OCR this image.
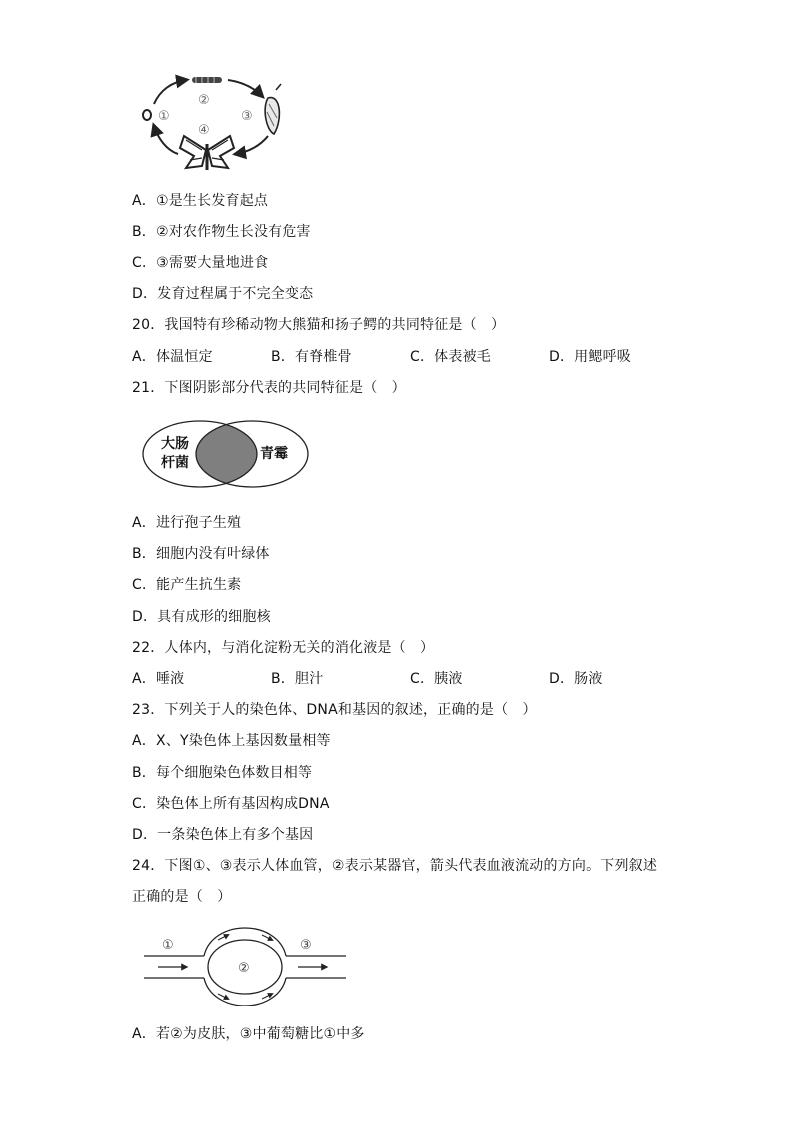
①
②
③
④
A．①是生长发育起点
B．②对农作物生长没有危害
C．③需要大量地进食
D．发育过程属于不完全变态
20．我国特有珍稀动物大熊猫和扬子鳄的共同特征是（　）
A．体温恒定	B．有脊椎骨	C．体表被毛	D．用鳃呼吸
21．下图阴影部分代表的共同特征是（　）
大肠
杆菌
青霉
A．进行孢子生殖
B．细胞内没有叶绿体
C．能产生抗生素
D．具有成形的细胞核
22．人体内，与消化淀粉无关的消化液是（　）
A．唾液	B．胆汁	C．胰液	D．肠液
23．下列关于人的染色体、DNA和基因的叙述，正确的是（　）
A．X、Y染色体上基因数量相等
B．每个细胞染色体数目相等
C．染色体上所有基因构成DNA
D．一条染色体上有多个基因
24．下图①、③表示人体血管，②表示某器官，箭头代表血液流动的方向。下列叙述
正确的是（　）
①
②
③
A．若②为皮肤，③中葡萄糖比①中多
